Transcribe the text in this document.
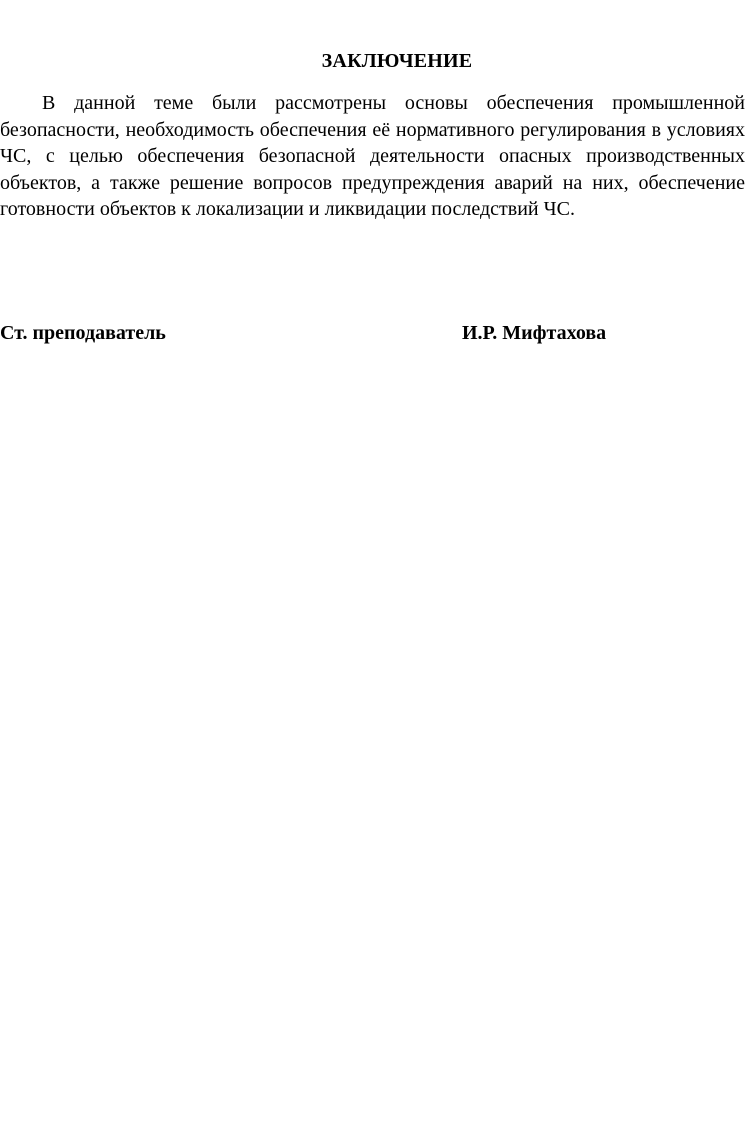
ЗАКЛЮЧЕНИЕ

В данной теме были рассмотрены основы обеспечения промышленной безопасности, необходимость обеспечения её нормативного регулирования в условиях ЧС, с целью обеспечения безопасной деятельности опасных производственных объектов, а также решение вопросов предупреждения аварий на них, обеспечение готовности объектов к локализации и ликвидации последствий ЧС.

Ст. преподаватель	И.Р. Мифтахова
